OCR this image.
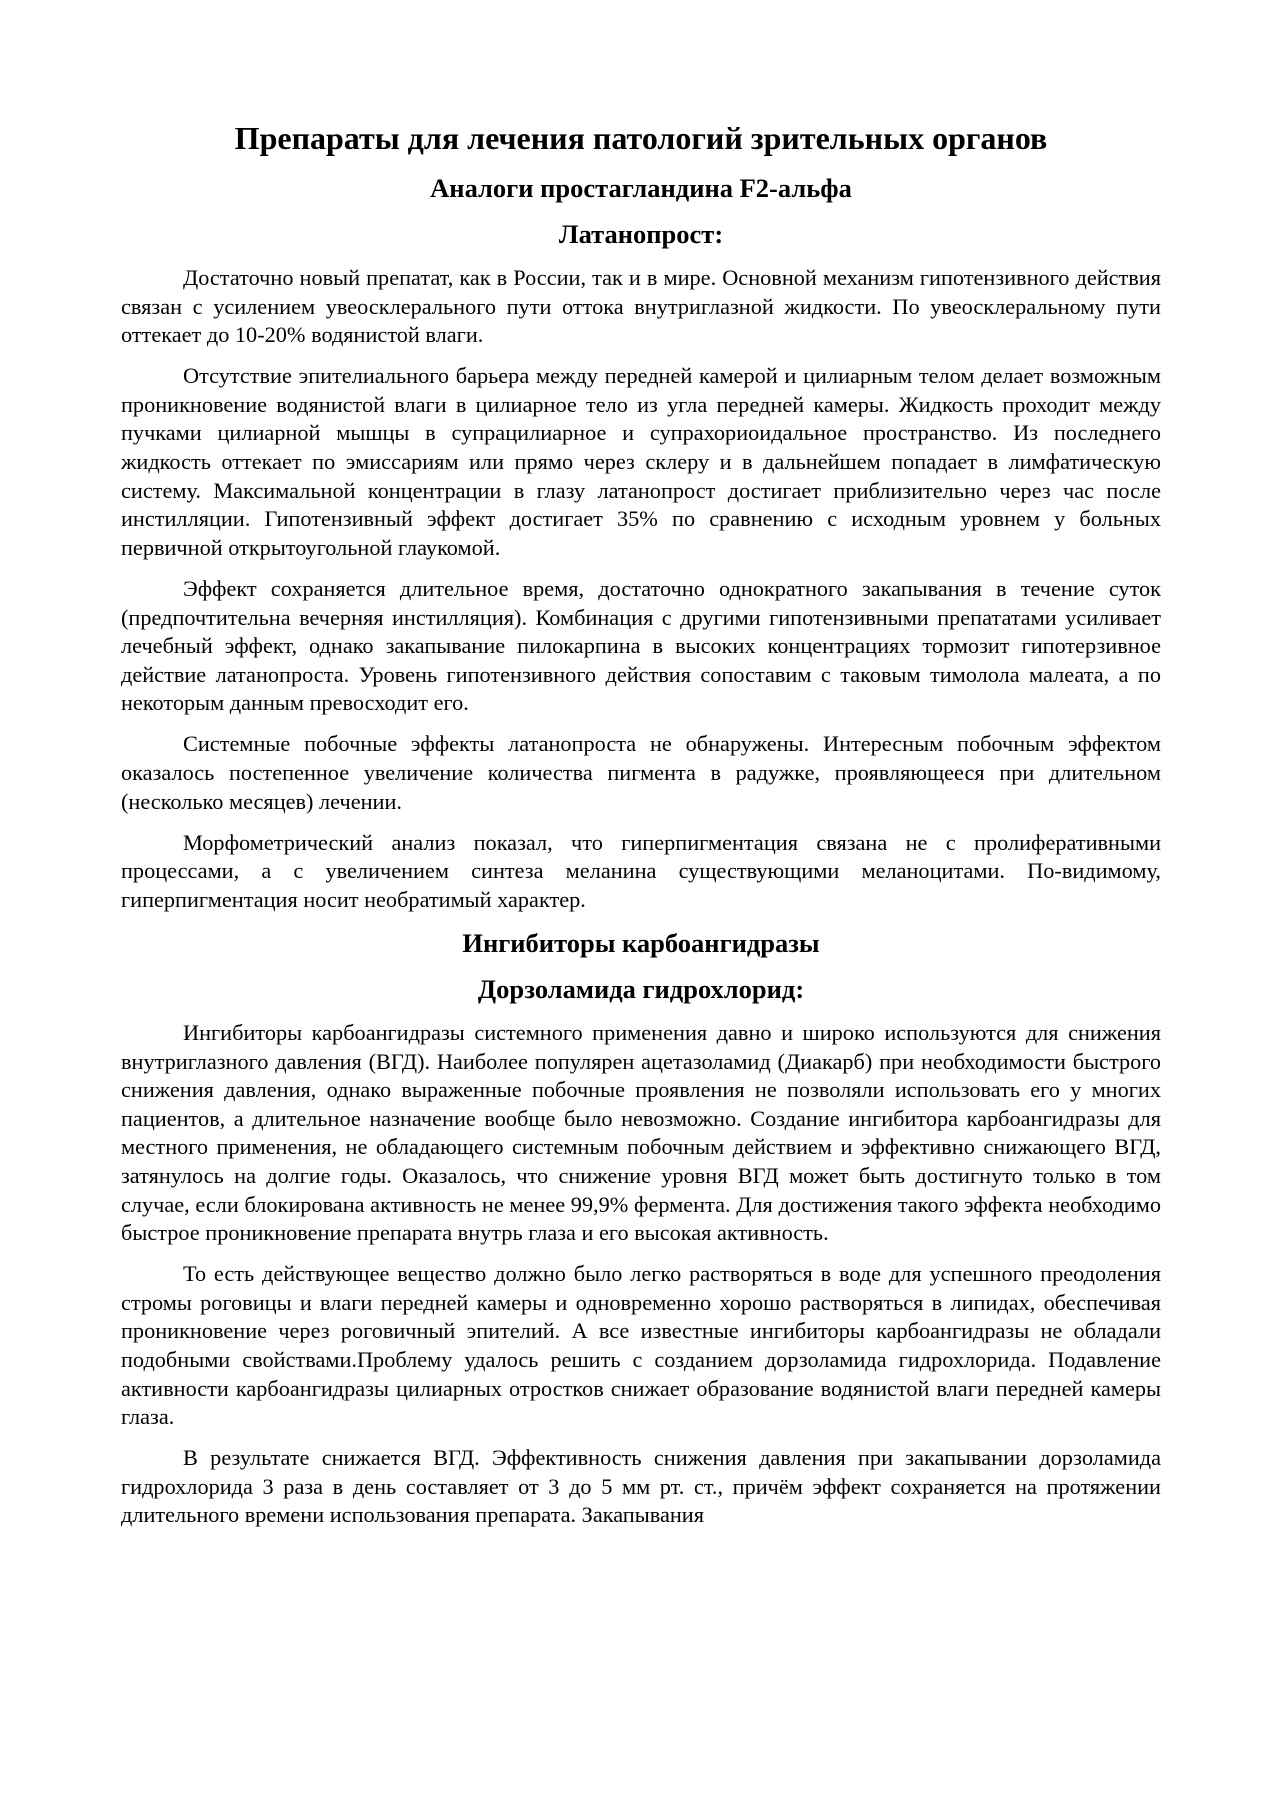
Препараты для лечения патологий зрительных органов
Аналоги простагландина F2-альфа
Латанопрост:

Достаточно новый препатат, как в России, так и в мире. Основной механизм гипотензивного действия связан с усилением увеосклерального пути оттока внутриглазной жидкости. По увеосклеральному пути оттекает до 10-20% водянистой влаги.

Отсутствие эпителиального барьера между передней камерой и цилиарным телом делает возможным проникновение водянистой влаги в цилиарное тело из угла передней камеры. Жидкость проходит между пучками цилиарной мышцы в супрацилиарное и супрахориоидальное пространство. Из последнего жидкость оттекает по эмиссариям или прямо через склеру и в дальнейшем попадает в лимфатическую систему. Максимальной концентрации в глазу латанопрост достигает приблизительно через час после инстилляции. Гипотензивный эффект достигает 35% по сравнению с исходным уровнем у больных первичной открытоугольной глаукомой.

Эффект сохраняется длительное время, достаточно однократного закапывания в течение суток (предпочтительна вечерняя инстилляция). Комбинация с другими гипотензивными препататами усиливает лечебный эффект, однако закапывание пилокарпина в высоких концентрациях тормозит гипотерзивное действие латанопроста. Уровень гипотензивного действия сопоставим с таковым тимолола малеата, а по некоторым данным превосходит его.

Системные побочные эффекты латанопроста не обнаружены. Интересным побочным эффектом оказалось постепенное увеличение количества пигмента в радужке, проявляющееся при длительном (несколько месяцев) лечении.

Морфометрический анализ показал, что гиперпигментация связана не с пролиферативными процессами, а с увеличением синтеза меланина существующими меланоцитами. По-видимому, гиперпигментация носит необратимый характер.

Ингибиторы карбоангидразы
Дорзоламида гидрохлорид:

Ингибиторы карбоангидразы системного применения давно и широко используются для снижения внутриглазного давления (ВГД). Наиболее популярен ацетазоламид (Диакарб) при необходимости быстрого снижения давления, однако выраженные побочные проявления не позволяли использовать его у многих пациентов, а длительное назначение вообще было невозможно. Создание ингибитора карбоангидразы для местного применения, не обладающего системным побочным действием и эффективно снижающего ВГД, затянулось на долгие годы. Оказалось, что снижение уровня ВГД может быть достигнуто только в том случае, если блокирована активность не менее 99,9% фермента. Для достижения такого эффекта необходимо быстрое проникновение препарата внутрь глаза и его высокая активность.

То есть действующее вещество должно было легко растворяться в воде для успешного преодоления стромы роговицы и влаги передней камеры и одновременно хорошо растворяться в липидах, обеспечивая проникновение через роговичный эпителий. А все известные ингибиторы карбоангидразы не обладали подобными свойствами.Проблему удалось решить с созданием дорзоламида гидрохлорида. Подавление активности карбоангидразы цилиарных отростков снижает образование водянистой влаги передней камеры глаза.

В результате снижается ВГД. Эффективность снижения давления при закапывании дорзоламида гидрохлорида 3 раза в день составляет от 3 до 5 мм рт. ст., причём эффект сохраняется на протяжении длительного времени использования препарата. Закапывания
